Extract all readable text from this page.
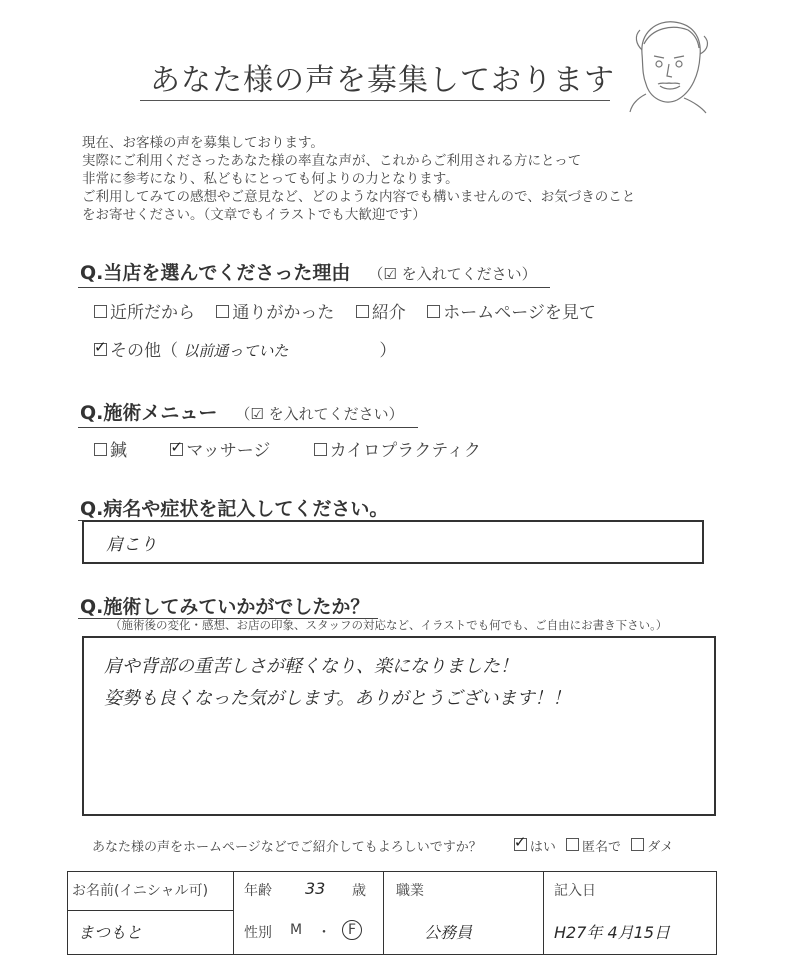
あなた様の声を募集しております
現在、お客様の声を募集しております。
実際にご利用くださったあなた様の率直な声が、これからご利用される方にとって
非常に参考になり、私どもにとっても何よりの力となります。
ご利用してみての感想やご意見など、どのような内容でも構いませんので、お気づきのこと
をお寄せください。（文章でもイラストでも大歓迎です）
Q.当店を選んでくださった理由 （☑ を入れてください）
近所だから 通りがかった 紹介 ホームページを見て
✓その他（ 以前通っていた	）
Q.施術メニュー （☑ を入れてください）
鍼 ✓	マッサージ	カイロプラクティク
Q.病名や症状を記入してください。
肩こり
Q.施術してみていかがでしたか？
（施術後の変化・感想、お店の印象、スタッフの対応など、イラストでも何でも、ご自由にお書き下さい。）
肩や背部の重苦しさが軽くなり、楽になりました！
姿勢も良くなった気がします。ありがとうございます！！
あなた様の声をホームページなどでご紹介してもよろしいですか？ ✓	はい 匿名で ダメ
お名前(イニシャル可)
まつもと
年齢 33 歳
性別 M ・	F
職業
公務員
記入日
H27年 4月15日
